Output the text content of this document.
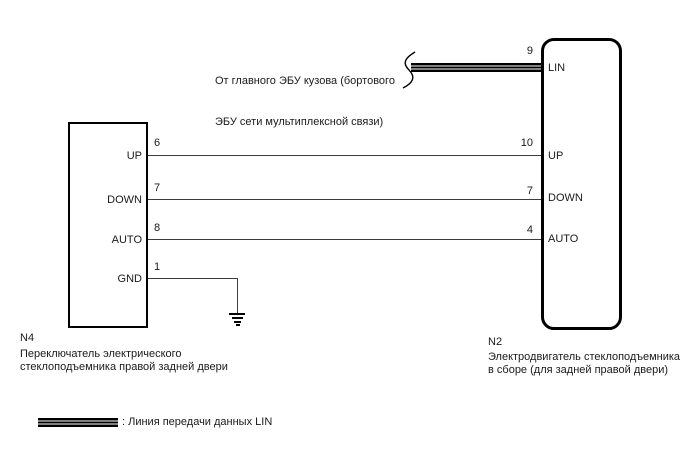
От главного ЭБУ кузова (бортового

ЭБУ сети мультиплексной связи)

UP
DOWN
AUTO
GND
6
7
8
1
LIN
UP
DOWN
AUTO
9
10
7
4
N4
Переключатель электрического
стеклоподъемника правой задней двери
N2
Электродвигатель стеклоподъемника
в сборе (для задней правой двери)
: Линия передачи данных LIN
